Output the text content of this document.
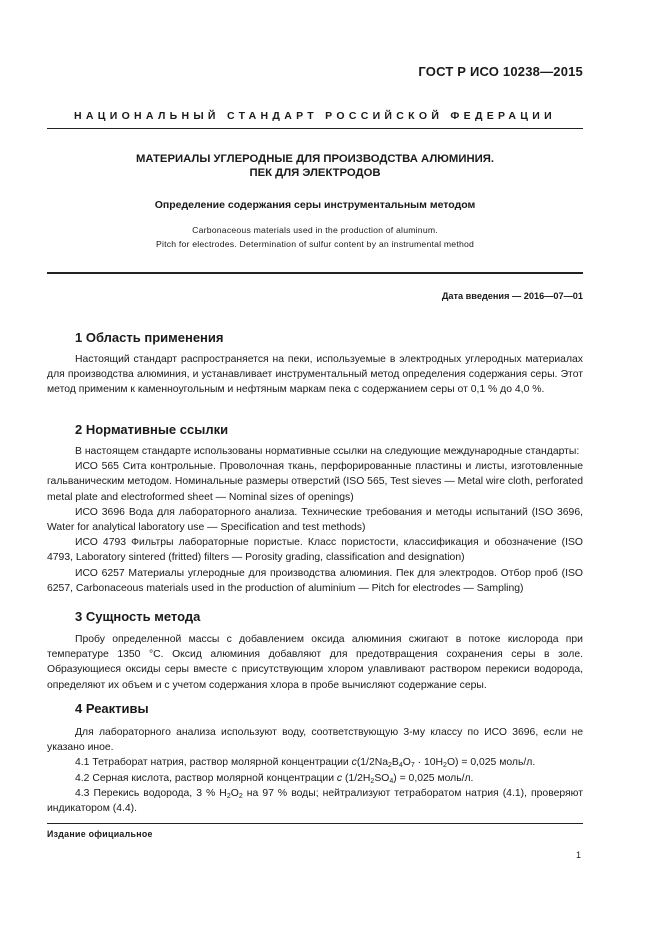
ГОСТ Р ИСО 10238—2015
НАЦИОНАЛЬНЫЙ СТАНДАРТ РОССИЙСКОЙ ФЕДЕРАЦИИ
МАТЕРИАЛЫ УГЛЕРОДНЫЕ ДЛЯ ПРОИЗВОДСТВА АЛЮМИНИЯ.
ПЕК ДЛЯ ЭЛЕКТРОДОВ
Определение содержания серы инструментальным методом
Carbonaceous materials used in the production of aluminum.
Pitch for electrodes. Determination of sulfur content by an instrumental method
Дата введения — 2016—07—01
1 Область применения

Настоящий стандарт распространяется на пеки, используемые в электродных углеродных материалах для производства алюминия, и устанавливает инструментальный метод определения содержания серы. Этот метод применим к каменноугольным и нефтяным маркам пека с содержанием серы от 0,1 % до 4,0 %.

2 Нормативные ссылки

В настоящем стандарте использованы нормативные ссылки на следующие международные стандарты:

ИСО 565 Сита контрольные. Проволочная ткань, перфорированные пластины и листы, изготовленные гальваническим методом. Номинальные размеры отверстий (ISO 565, Test sieves — Metal wire cloth, perforated metal plate and electroformed sheet — Nominal sizes of openings)

ИСО 3696 Вода для лабораторного анализа. Технические требования и методы испытаний (ISO 3696, Water for analytical laboratory use — Specification and test methods)

ИСО 4793 Фильтры лабораторные пористые. Класс пористости, классификация и обозначение (ISO 4793, Laboratory sintered (fritted) filters — Porosity grading, classification and designation)

ИСО 6257 Материалы углеродные для производства алюминия. Пек для электродов. Отбор проб (ISO 6257, Carbonaceous materials used in the production of aluminium — Pitch for electrodes — Sampling)

3 Сущность метода

Пробу определенной массы с добавлением оксида алюминия сжигают в потоке кислорода при температуре 1350 °С. Оксид алюминия добавляют для предотвращения сохранения серы в золе. Образующиеся оксиды серы вместе с присутствующим хлором улавливают раствором перекиси водорода, определяют их объем и с учетом содержания хлора в пробе вычисляют содержание серы.

4 Реактивы

Для лабораторного анализа используют воду, соответствующую 3-му классу по ИСО 3696, если не указано иное.

4.1 Тетраборат натрия, раствор молярной концентрации $c(1/2Na_2B_4O_7 \cdot 10H_2O) = 0,025$ моль/л.

4.2 Серная кислота, раствор молярной концентрации c $(1/2H_2SO_4) = 0,025$ моль/л.

4.3 Перекись водорода, 3 % $H_2O_2$ на 97 % воды; нейтрализуют тетраборатом натрия (4.1), проверяют индикатором (4.4).

Издание официальное
1
